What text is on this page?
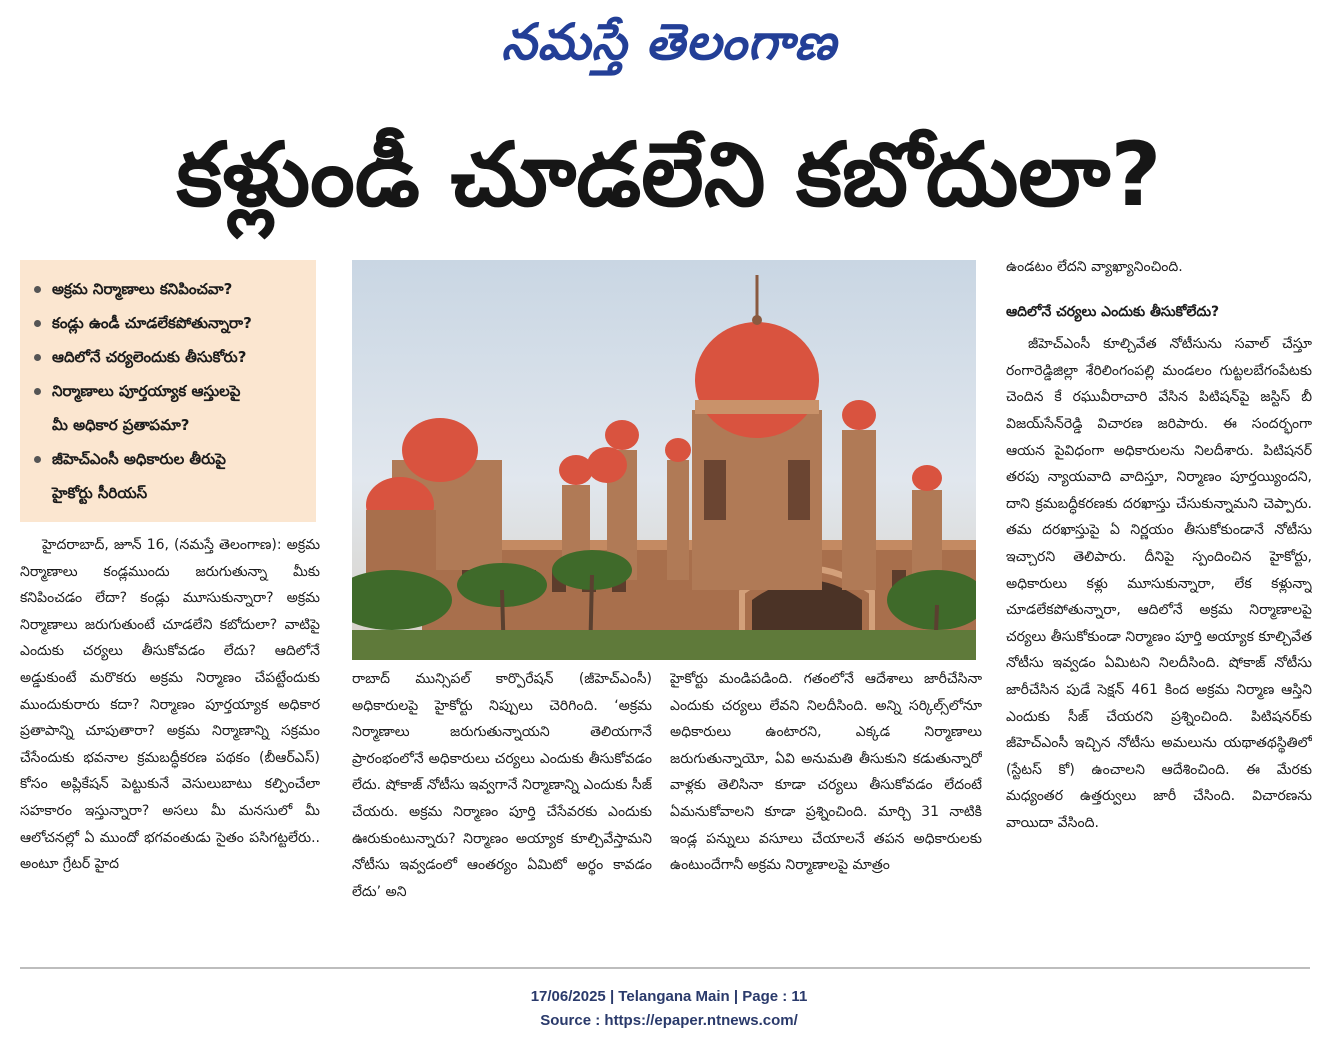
నమస్తే తెలంగాణ
కళ్లుండీ చూడలేని కబోదులా?
అక్రమ నిర్మాణాలు కనిపించవా?
కండ్లు ఉండీ చూడలేకపోతున్నారా?
ఆదిలోనే చర్యలెందుకు తీసుకోరు?
నిర్మాణాలు పూర్తయ్యాక ఆస్తులపై
మీ అధికార ప్రతాపమా?
జీహెచ్ఎంసీ అధికారుల తీరుపై
హైకోర్టు సీరియస్

హైదరాబాద్, జూన్ 16, (నమస్తే తెలంగాణ): అక్రమ నిర్మాణాలు కండ్లముందు జరుగుతున్నా మీకు కనిపించడం లేదా? కండ్లు మూసుకున్నారా? అక్రమ నిర్మాణాలు జరుగుతుంటే చూడలేని కబోదులా? వాటిపై ఎందుకు చర్యలు తీసుకోవడం లేదు? ఆదిలోనే అడ్డుకుంటే మరొకరు అక్రమ నిర్మాణం చేపట్టేందుకు ముందుకురారు కదా? నిర్మాణం పూర్తయ్యాక అధికార ప్రతాపాన్ని చూపుతారా? అక్రమ నిర్మాణాన్ని సక్రమం చేసేందుకు భవనాల క్రమబద్ధీకరణ పథకం (బీఆర్ఎస్) కోసం అప్లికేషన్ పెట్టుకునే వెసులుబాటు కల్పించేలా సహకారం ఇస్తున్నారా? అసలు మీ మనసులో మీ ఆలోచనల్లో ఏ ముందో భగవంతుడు సైతం పసిగట్టలేరు.. అంటూ గ్రేటర్ హైద

రాబాద్ మున్సిపల్ కార్పొరేషన్ (జీహెచ్ఎంసీ) అధికారులపై హైకోర్టు నిప్పులు చెరిగింది. ‘అక్రమ నిర్మాణాలు జరుగుతున్నాయని తెలియగానే ప్రారంభంలోనే అధికారులు చర్యలు ఎందుకు తీసుకోవడం లేదు. షోకాజ్ నోటీసు ఇవ్వగానే నిర్మాణాన్ని ఎందుకు సీజ్ చేయరు. అక్రమ నిర్మాణం పూర్తి చేసేవరకు ఎందుకు ఊరుకుంటున్నారు? నిర్మాణం అయ్యాక కూల్చివేస్తామని నోటీసు ఇవ్వడంలో ఆంతర్యం ఏమిటో అర్థం కావడం లేదు’ అని

హైకోర్టు మండిపడింది. గతంలోనే ఆదేశాలు జారీచేసినా ఎందుకు చర్యలు లేవని నిలదీసింది. అన్ని సర్కిల్స్‌లోనూ అధికారులు ఉంటారని, ఎక్కడ నిర్మాణాలు జరుగుతున్నాయో, ఏవి అనుమతి తీసుకుని కడుతున్నారో వాళ్లకు తెలిసినా కూడా చర్యలు తీసుకోవడం లేదంటే ఏమనుకోవాలని కూడా ప్రశ్నించింది. మార్చి 31 నాటికి ఇండ్ల పన్నులు వసూలు చేయాలనే తపన అధికారులకు ఉంటుందేగానీ అక్రమ నిర్మాణాలపై మాత్రం

ఉండటం లేదని వ్యాఖ్యానించింది.

ఆదిలోనే చర్యలు ఎందుకు తీసుకోలేదు?

జీహెచ్ఎంసీ కూల్చివేత నోటీసును సవాల్ చేస్తూ రంగారెడ్డిజిల్లా శేరిలింగంపల్లి మండలం గుట్టలబేగంపేటకు చెందిన కే రఘువీరాచారి వేసిన పిటిషన్‌పై జస్టిస్ బీ విజయ్‌సేన్‌రెడ్డి విచారణ జరిపారు. ఈ సందర్భంగా ఆయన పైవిధంగా అధికారులను నిలదీశారు. పిటిషనర్ తరపు న్యాయవాది వాదిస్తూ, నిర్మాణం పూర్తయ్యిందని, దాని క్రమబద్ధీకరణకు దరఖాస్తు చేసుకున్నామని చెప్పారు. తమ దరఖాస్తుపై ఏ నిర్ణయం తీసుకోకుండానే నోటీసు ఇచ్చారని తెలిపారు. దీనిపై స్పందించిన హైకోర్టు, అధికారులు కళ్లు మూసుకున్నారా, లేక కళ్లున్నా చూడలేకపోతున్నారా, ఆదిలోనే అక్రమ నిర్మాణాలపై చర్యలు తీసుకోకుండా నిర్మాణం పూర్తి అయ్యాక కూల్చివేత నోటీసు ఇవ్వడం ఏమిటని నిలదీసింది. షోకాజ్ నోటీసు జారీచేసిన పుడే సెక్షన్ 461 కింద అక్రమ నిర్మాణ ఆస్తిని ఎందుకు సీజ్ చేయరని ప్రశ్నించింది. పిటిషనర్‌కు జీహెచ్ఎంసీ ఇచ్చిన నోటీసు అమలును యథాతథస్థితిలో (స్టేటస్ కో) ఉంచాలని ఆదేశించింది. ఈ మేరకు మధ్యంతర ఉత్తర్వులు జారీ చేసింది. విచారణను వాయిదా వేసింది.

17/06/2025 | Telangana Main | Page : 11
Source : https://epaper.ntnews.com/
